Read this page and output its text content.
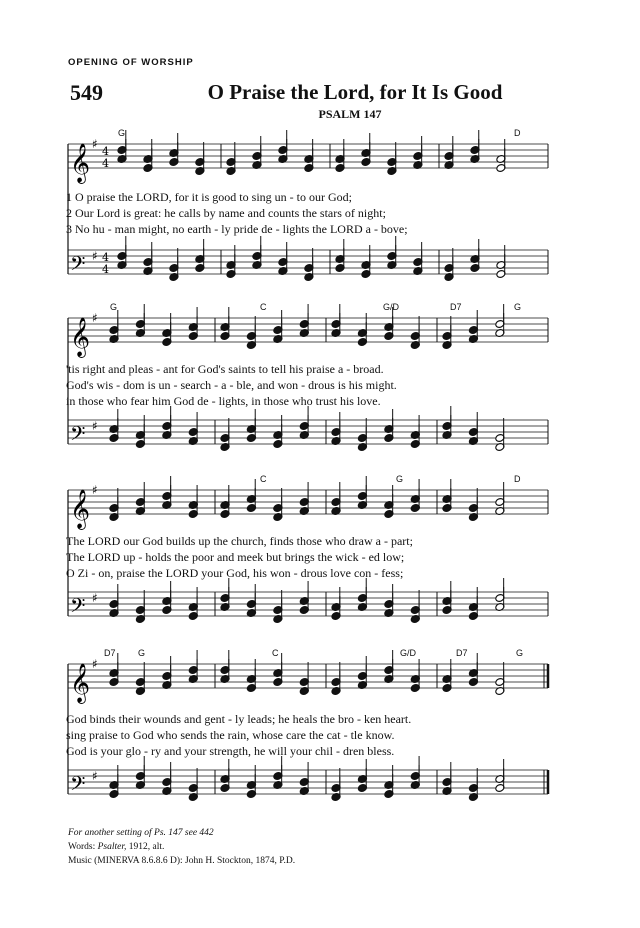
OPENING OF WORSHIP
549	O Praise the Lord, for It Is Good
PSALM 147
𝄞 ♯
4
4
𝄢 ♯ 4
4
𝄞 ♯
𝄢 ♯
𝄞 ♯
𝄢 ♯
𝄞 ♯
𝄢 ♯
G	D
1 O praise the LORD, for it is good to sing un - to our God;
2 Our Lord is great: he calls by name and counts the stars of night;
3 No hu - man might, no earth - ly pride de - lights the LORD a - bove;
G	C	G/D	D7	G
'tis right and pleas - ant for God's saints to tell his praise a - broad.
God's wis - dom is un - search - a - ble, and won - drous is his might.
in those who fear him God de - lights, in those who trust his love.
C	G	D
The LORD our God builds up the church, finds those who draw a - part;
The LORD up - holds the poor and meek but brings the wick - ed low;
O Zi - on, praise the LORD your God, his won - drous love con - fess;
D7 G	C	G/D	D7	G
God binds their wounds and gent - ly leads; he heals the bro - ken heart.
sing praise to God who sends the rain, whose care the cat - tle know.
God is your glo - ry and your strength, he will your chil - dren bless.
For another setting of Ps. 147 see 442
Words: Psalter, 1912, alt.
Music (MINERVA 8.6.8.6 D): John H. Stockton, 1874, P.D.
